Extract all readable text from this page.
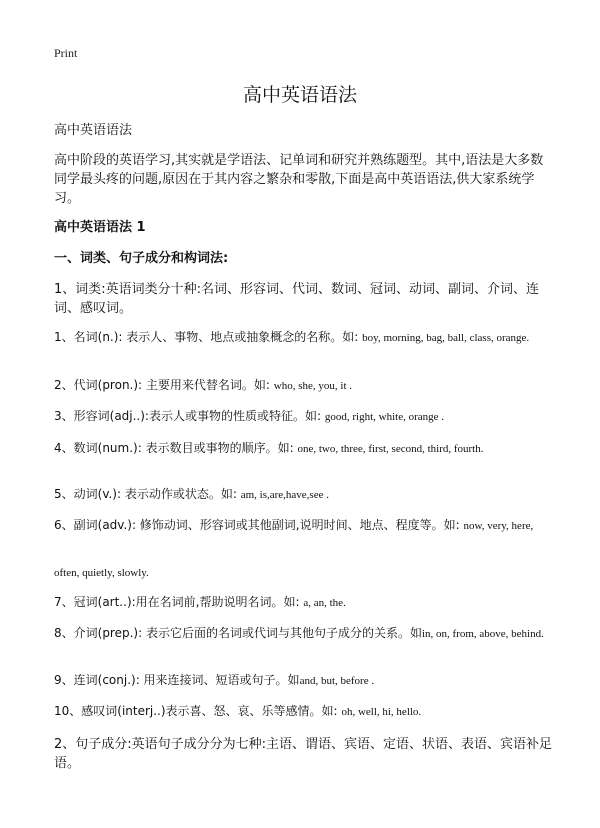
Print
高中英语语法

高中英语语法

高中阶段的英语学习,其实就是学语法、记单词和研究并熟练题型。其中,语法是大多数同学最头疼的问题,原因在于其内容之繁杂和零散,下面是高中英语语法,供大家系统学习。

高中英语语法 1

一、词类、句子成分和构词法:

1、词类:英语词类分十种:名词、形容词、代词、数词、冠词、动词、副词、介词、连词、感叹词。

1、名词(n.): 表示人、事物、地点或抽象概念的名称。如: boy, morning, bag, ball, class, orange.

2、代词(pron.): 主要用来代替名词。如: who, she, you, it .

3、形容词(adj..):表示人或事物的性质或特征。如: good, right, white, orange .

4、数词(num.): 表示数目或事物的顺序。如: one, two, three, first, second, third, fourth.

5、动词(v.): 表示动作或状态。如: am, is,are,have,see .

6、副词(adv.): 修饰动词、形容词或其他副词,说明时间、地点、程度等。如: now, very, here,

often, quietly, slowly.

7、冠词(art..):用在名词前,帮助说明名词。如: a, an, the.

8、介词(prep.): 表示它后面的名词或代词与其他句子成分的关系。如in, on, from, above, behind.

9、连词(conj.): 用来连接词、短语或句子。如and, but, before .

10、感叹词(interj..)表示喜、怒、哀、乐等感情。如: oh, well, hi, hello.

2、句子成分:英语句子成分分为七种:主语、谓语、宾语、定语、状语、表语、宾语补足语。
